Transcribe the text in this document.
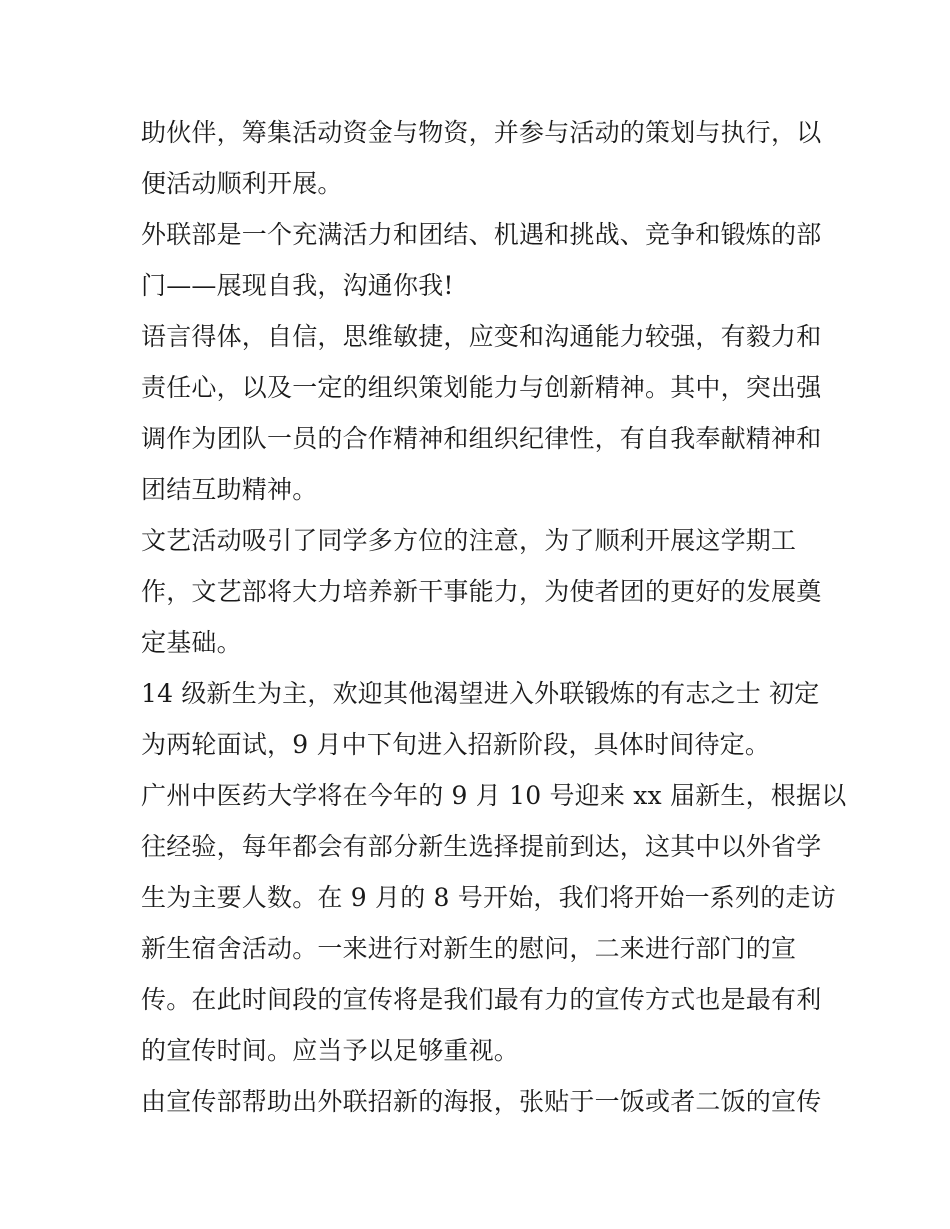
助伙伴，筹集活动资金与物资，并参与活动的策划与执行，以
便活动顺利开展。
外联部是一个充满活力和团结、机遇和挑战、竞争和锻炼的部
门——展现自我，沟通你我!
语言得体，自信，思维敏捷，应变和沟通能力较强，有毅力和
责任心，以及一定的组织策划能力与创新精神。其中，突出强
调作为团队一员的合作精神和组织纪律性，有自我奉献精神和
团结互助精神。
文艺活动吸引了同学多方位的注意，为了顺利开展这学期工
作，文艺部将大力培养新干事能力，为使者团的更好的发展奠
定基础。
14 级新生为主，欢迎其他渴望进入外联锻炼的有志之士 初定
为两轮面试，9 月中下旬进入招新阶段，具体时间待定。
广州中医药大学将在今年的 9 月 10 号迎来 xx 届新生，根据以
往经验，每年都会有部分新生选择提前到达，这其中以外省学
生为主要人数。在 9 月的 8 号开始，我们将开始一系列的走访
新生宿舍活动。一来进行对新生的慰问，二来进行部门的宣
传。在此时间段的宣传将是我们最有力的宣传方式也是最有利
的宣传时间。应当予以足够重视。
由宣传部帮助出外联招新的海报，张贴于一饭或者二饭的宣传
